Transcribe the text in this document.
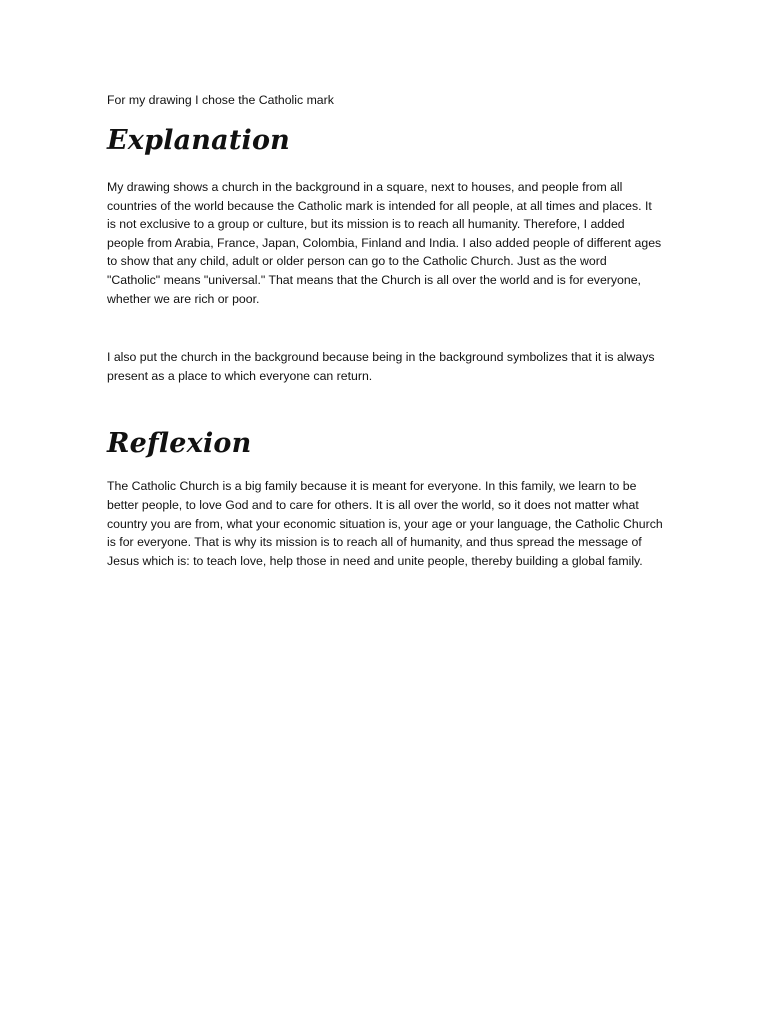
For my drawing I chose the Catholic mark

Explanation

My drawing shows a church in the background in a square, next to houses, and people from all countries of the world because the Catholic mark is intended for all people, at all times and places. It is not exclusive to a group or culture, but its mission is to reach all humanity. Therefore, I added people from Arabia, France, Japan, Colombia, Finland and India. I also added people of different ages to show that any child, adult or older person can go to the Catholic Church. Just as the word "Catholic" means "universal." That means that the Church is all over the world and is for everyone, whether we are rich or poor.

I also put the church in the background because being in the background symbolizes that it is always present as a place to which everyone can return.

Reflexion

The Catholic Church is a big family because it is meant for everyone. In this family, we learn to be better people, to love God and to care for others. It is all over the world, so it does not matter what country you are from, what your economic situation is, your age or your language, the Catholic Church is for everyone. That is why its mission is to reach all of humanity, and thus spread the message of Jesus which is: to teach love, help those in need and unite people, thereby building a global family.
